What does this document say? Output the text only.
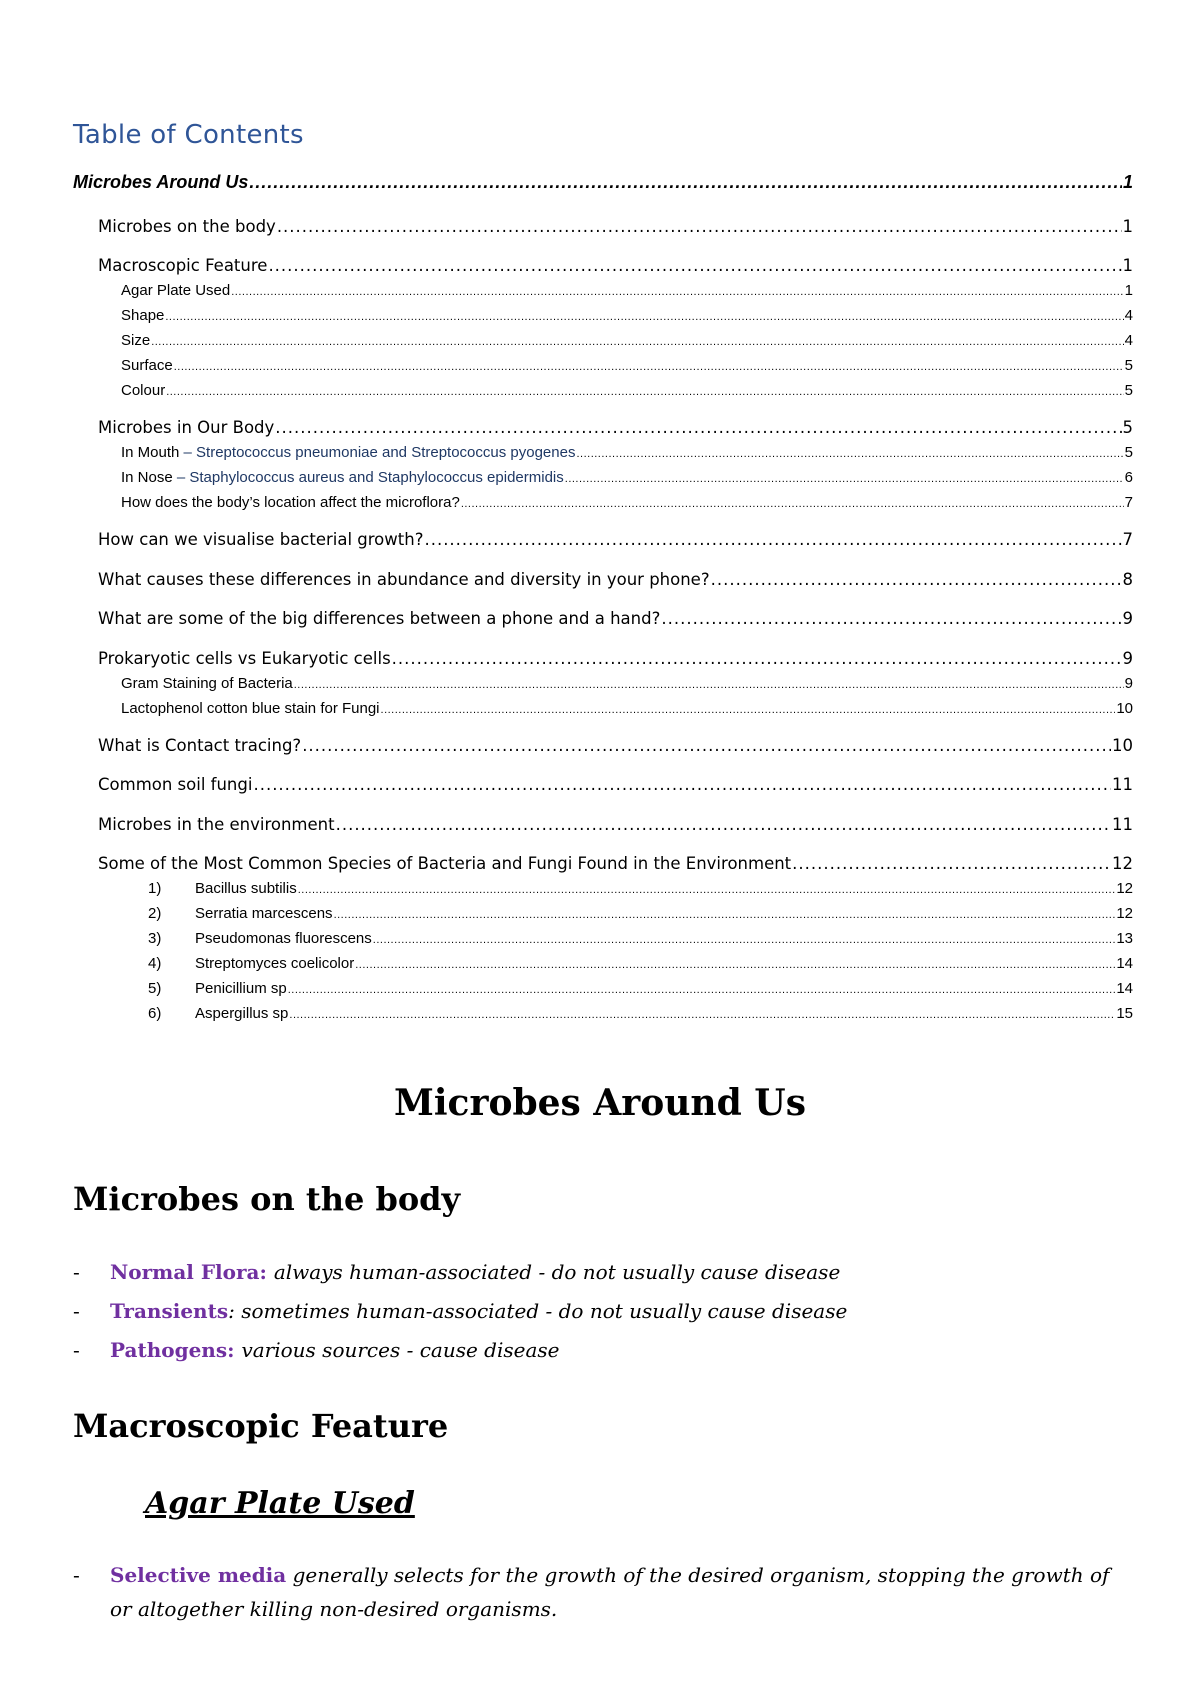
Table of Contents
Microbes Around Us .....	1
Microbes on the body .....	1
Macroscopic Feature .....	1
Agar Plate Used .....	1
Shape .....	4
Size .....	4
Surface .....	5
Colour .....	5
Microbes in Our Body .....	5
In Mouth – Streptococcus pneumoniae and Streptococcus pyogenes .....	5
In Nose – Staphylococcus aureus and Staphylococcus epidermidis .....	6
How does the body’s location affect the microflora? .....	7
How can we visualise bacterial growth? .....	7
What causes these differences in abundance and diversity in your phone? .....	8
What are some of the big differences between a phone and a hand? .....	9
Prokaryotic cells vs Eukaryotic cells .....	9
Gram Staining of Bacteria .....	9
Lactophenol cotton blue stain for Fungi .....	10
What is Contact tracing? .....	10
Common soil fungi .....	11
Microbes in the environment .....	11
Some of the Most Common Species of Bacteria and Fungi Found in the Environment .....	12
1) Bacillus subtilis .....	12
2) Serratia marcescens .....	12
3) Pseudomonas fluorescens .....	13
4) Streptomyces coelicolor .....	14
5) Penicillium sp .....	14
6) Aspergillus sp .....	15
Microbes Around Us
Microbes on the body
- Normal Flora: always human-associated - do not usually cause disease
- Transients: sometimes human-associated - do not usually cause disease
- Pathogens: various sources - cause disease
Macroscopic Feature
Agar Plate Used
- Selective media generally selects for the growth of the desired organism, stopping the growth of or altogether killing non-desired organisms.
